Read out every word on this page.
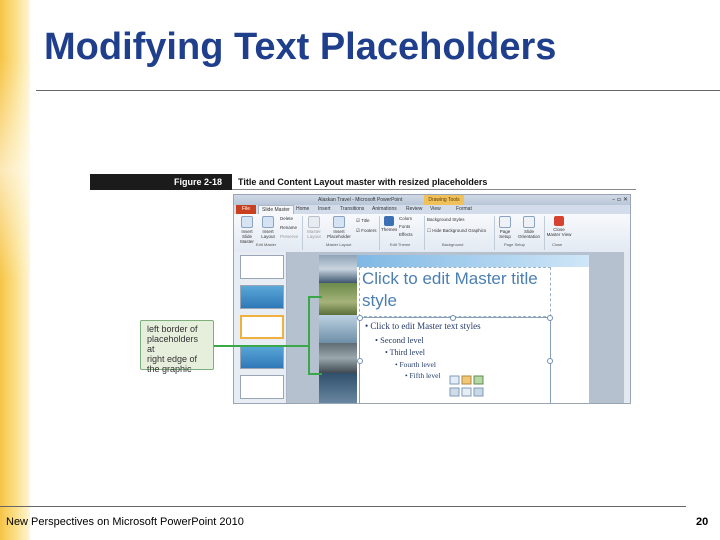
Modifying Text Placeholders
Figure 2-18	Title and Content Layout master with resized placeholders
Alaskan Travel - Microsoft PowerPoint	Drawing Tools	– ▫ ✕
File	Slide Master	Home Insert Transitions Animations Review View	Format
Insert Slide Master
Insert Layout
Delete
Rename
Preserve
Master Layout
Insert Placeholder
☑ Title
☑ Footers Themes
Colors
Fonts
Effects
Background Styles
☐ Hide Background Graphics	Page Setup
Slide Orientation
Close Master View
Edit Master	Master Layout	Edit Theme	Background	Page Setup	Close
Click to edit Master title style
• Click to edit Master text styles
• Second level
• Third level
• Fourth level
• Fifth level
left border of
placeholders at
right edge of
the graphic
New Perspectives on Microsoft PowerPoint 2010	20
